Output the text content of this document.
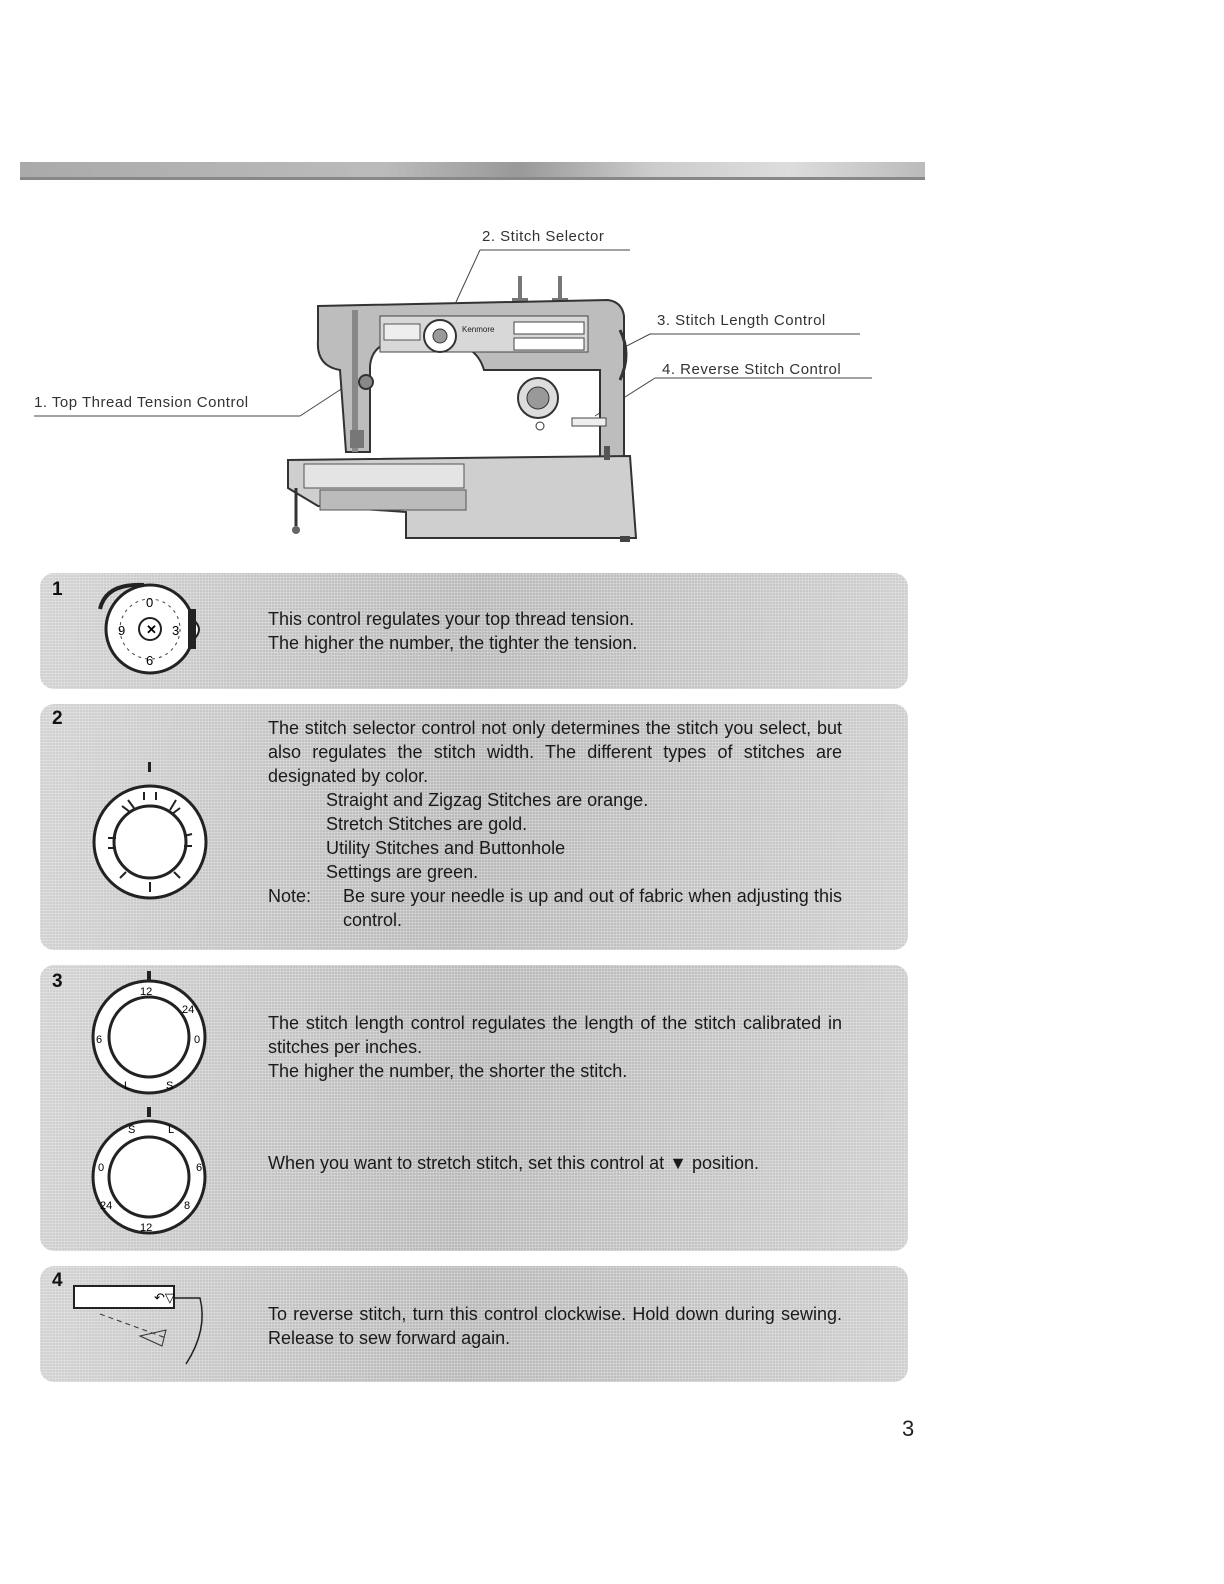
Kenmore
2. Stitch Selector
3. Stitch Length Control
4. Reverse Stitch Control
1. Top Thread Tension Control
1
✕
0
3
6
9

This control regulates your top thread tension.

The higher the number, the tighter the tension.

2	The stitch selector control not only determines the stitch you select, but also regulates the stitch width. The different types of stitches are designated by color.

Straight and Zigzag Stitches are orange.

Stretch Stitches are gold.

Utility Stitches and Buttonhole

Settings are green.

Note:	Be sure your needle is up and out of fabric when adjusting this control.
3	12
24
0
6
S
L
S	L
6
0
24
12
8

The stitch length control regulates the length of the stitch calibrated in stitches per inches.

The higher the number, the shorter the stitch.

When you want to stretch stitch, set this control at ▼ position.

4
↶▽

To reverse stitch, turn this control clockwise. Hold down during sewing. Release to sew forward again.

3
